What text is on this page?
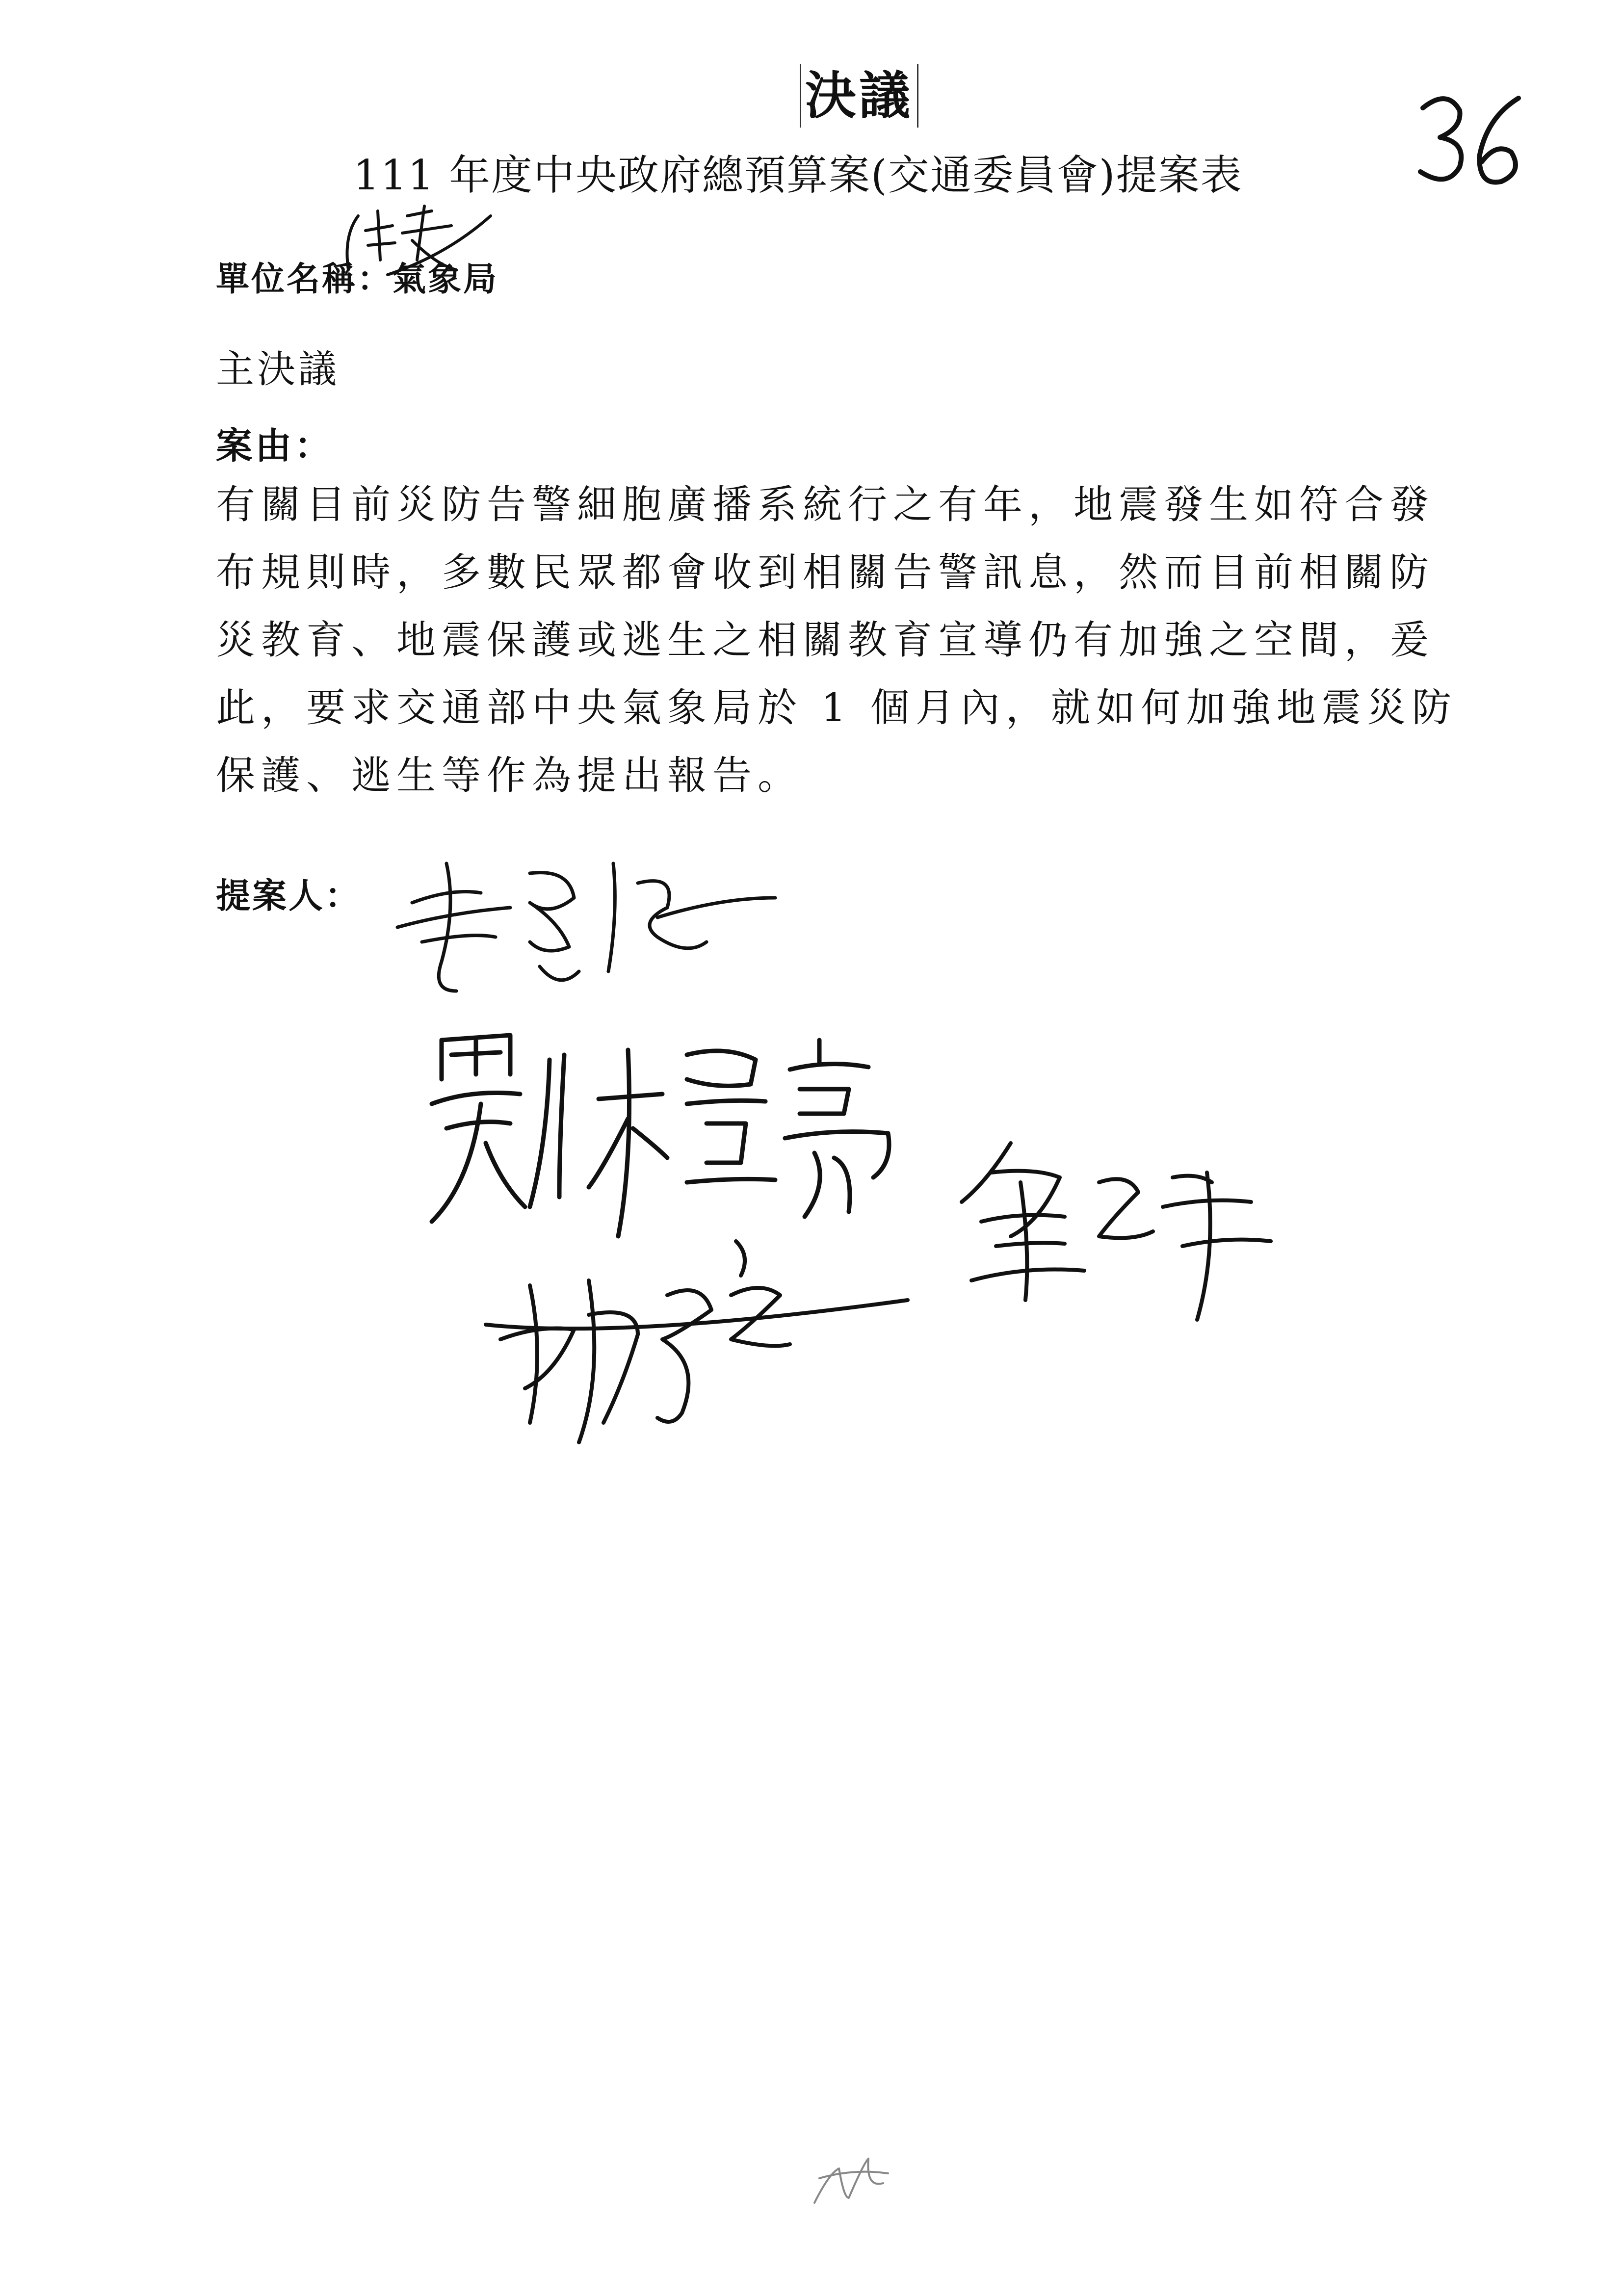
決議
111 年度中央政府總預算案(交通委員會)提案表
單位名稱：氣象局
主決議
案由：
有關目前災防告警細胞廣播系統行之有年，地震發生如符合發
布規則時，多數民眾都會收到相關告警訊息，然而目前相關防
災教育、地震保護或逃生之相關教育宣導仍有加強之空間，爰
此，要求交通部中央氣象局於 1 個月內，就如何加強地震災防
保護、逃生等作為提出報告。
提案人：
